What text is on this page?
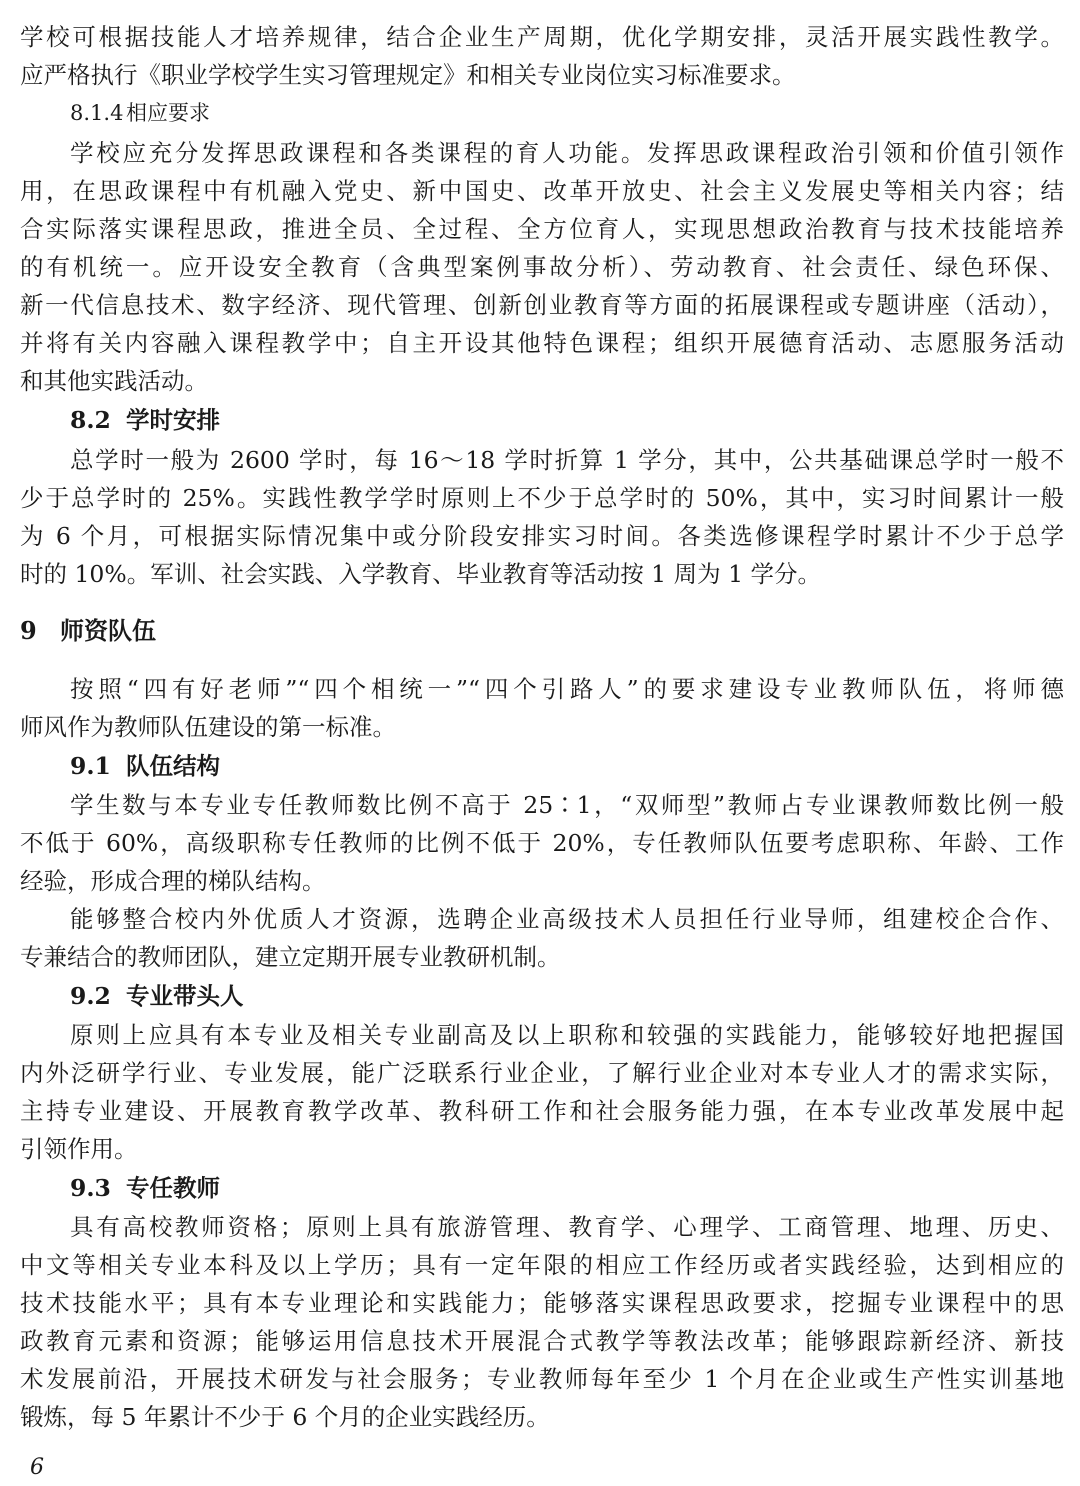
学校可根据技能人才培养规律，结合企业生产周期，优化学期安排，灵活开展实践性教学。
应严格执行《职业学校学生实习管理规定》和相关专业岗位实习标准要求。
8.1.4 相应要求
学校应充分发挥思政课程和各类课程的育人功能。发挥思政课程政治引领和价值引领作
用，在思政课程中有机融入党史、新中国史、改革开放史、社会主义发展史等相关内容；结
合实际落实课程思政，推进全员、全过程、全方位育人，实现思想政治教育与技术技能培养
的有机统一。应开设安全教育（含典型案例事故分析）、劳动教育、社会责任、绿色环保、
新一代信息技术、数字经济、现代管理、创新创业教育等方面的拓展课程或专题讲座（活动），
并将有关内容融入课程教学中；自主开设其他特色课程；组织开展德育活动、志愿服务活动
和其他实践活动。
8.2 学时安排
总学时一般为 2600 学时，每 16～18 学时折算 1 学分，其中，公共基础课总学时一般不
少于总学时的 25%。实践性教学学时原则上不少于总学时的 50%，其中，实习时间累计一般
为 6 个月，可根据实际情况集中或分阶段安排实习时间。各类选修课程学时累计不少于总学
时的 10%。军训、社会实践、入学教育、毕业教育等活动按 1 周为 1 学分。
9 师资队伍
按照“四有好老师”“四个相统一”“四个引路人”的要求建设专业教师队伍，将师德
师风作为教师队伍建设的第一标准。
9.1 队伍结构
学生数与本专业专任教师数比例不高于 25∶1，“双师型”教师占专业课教师数比例一般
不低于 60%，高级职称专任教师的比例不低于 20%，专任教师队伍要考虑职称、年龄、工作
经验，形成合理的梯队结构。
能够整合校内外优质人才资源，选聘企业高级技术人员担任行业导师，组建校企合作、
专兼结合的教师团队，建立定期开展专业教研机制。
9.2 专业带头人
原则上应具有本专业及相关专业副高及以上职称和较强的实践能力，能够较好地把握国
内外泛研学行业、专业发展，能广泛联系行业企业，了解行业企业对本专业人才的需求实际，
主持专业建设、开展教育教学改革、教科研工作和社会服务能力强，在本专业改革发展中起
引领作用。
9.3 专任教师
具有高校教师资格；原则上具有旅游管理、教育学、心理学、工商管理、地理、历史、
中文等相关专业本科及以上学历；具有一定年限的相应工作经历或者实践经验，达到相应的
技术技能水平；具有本专业理论和实践能力；能够落实课程思政要求，挖掘专业课程中的思
政教育元素和资源；能够运用信息技术开展混合式教学等教法改革；能够跟踪新经济、新技
术发展前沿，开展技术研发与社会服务；专业教师每年至少 1 个月在企业或生产性实训基地
锻炼，每 5 年累计不少于 6 个月的企业实践经历。
6
